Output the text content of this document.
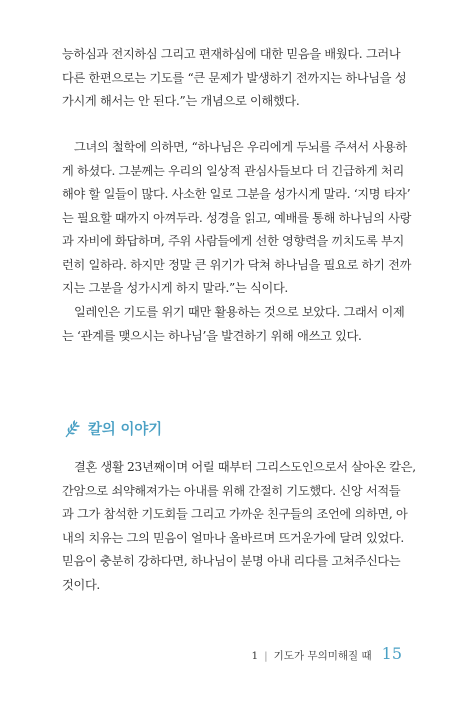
능하심과 전지하심 그리고 편재하심에 대한 믿음을 배웠다. 그러나
다른 한편으로는 기도를 “큰 문제가 발생하기 전까지는 하나님을 성
가시게 해서는 안 된다.”는 개념으로 이해했다.

그녀의 철학에 의하면, “하나님은 우리에게 두뇌를 주셔서 사용하
게 하셨다. 그분께는 우리의 일상적 관심사들보다 더 긴급하게 처리
해야 할 일들이 많다. 사소한 일로 그분을 성가시게 말라. ‘지명 타자’
는 필요할 때까지 아껴두라. 성경을 읽고, 예배를 통해 하나님의 사랑
과 자비에 화답하며, 주위 사람들에게 선한 영향력을 끼치도록 부지
런히 일하라. 하지만 정말 큰 위기가 닥쳐 하나님을 필요로 하기 전까
지는 그분을 성가시게 하지 말라.”는 식이다.

일레인은 기도를 위기 때만 활용하는 것으로 보았다. 그래서 이제
는 ‘관계를 맺으시는 하나님’을 발견하기 위해 애쓰고 있다.

칼의 이야기

결혼 생활 23년째이며 어릴 때부터 그리스도인으로서 살아온 칼은,
간암으로 쇠약해져가는 아내를 위해 간절히 기도했다. 신앙 서적들
과 그가 참석한 기도회들 그리고 가까운 친구들의 조언에 의하면, 아
내의 치유는 그의 믿음이 얼마나 올바르며 뜨거운가에 달려 있었다.
믿음이 충분히 강하다면, 하나님이 분명 아내 리다를 고쳐주신다는
것이다.

1 | 기도가 무의미해질 때 15
